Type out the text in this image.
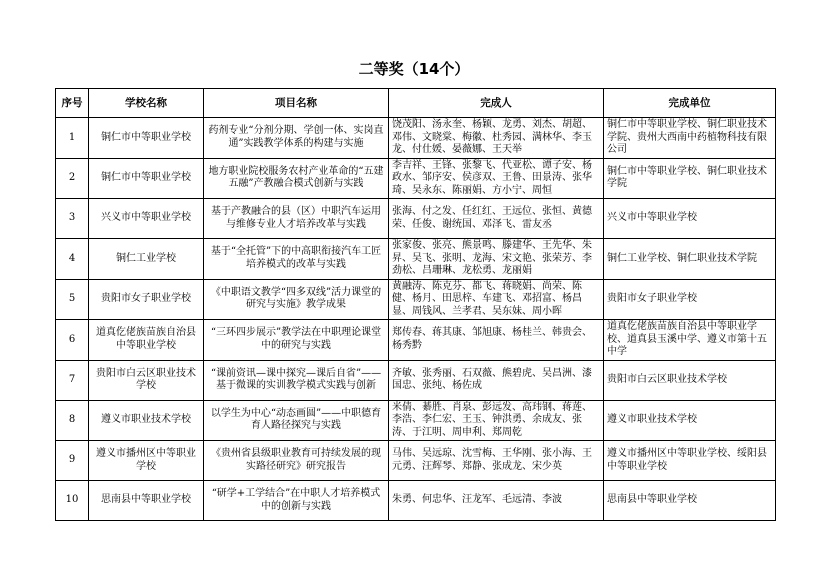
二等奖（14个）
序号	学校名称	项目名称	完成人	完成单位
1	铜仁市中等职业学校	药剂专业“分剂分期、学创一体、实岗直通”实践教学体系的构建与实施	饶茂阳、汤永奎、杨颖、龙勇、刘杰、胡超、邓伟、文晓棠、梅徽、杜秀园、满林华、李玉龙、付仕媛、晏薇娜、王天举	铜仁市中等职业学校、铜仁职业技术学院、贵州大西南中药植物科技有限公司
2	铜仁市中等职业学校	地方职业院校服务农村产业革命的“五建五融”产教融合模式创新与实践	李吉祥、王锋、张黎飞、代亚松、谭子安、杨政水、邹序安、侯彦双、王鲁、田景涛、张华琦、吴永东、陈丽娟、方小宁、周恒	铜仁市中等职业学校、铜仁职业技术学院
3	兴义市中等职业学校	基于产教融合的县（区）中职汽车运用与维修专业人才培养改革与实践	张海、付之发、任红红、王远位、张恒、黄德荣、任俊、谢统国、邓泽飞、雷友丞	兴义市中等职业学校
4	铜仁工业学校	基于“全托管”下的中高职衔接汽车工匠培养模式的改革与实践	张家俊、张亮、熊景鸣、滕建华、王先华、朱昇、吴飞、张明、龙海、宋文艳、张荣芳、李劲松、吕珊琳、龙松勇、龙丽娟	铜仁工业学校、铜仁职业技术学院
5	贵阳市女子职业学校	《中职语文教学“四多双线”活力课堂的研究与实施》教学成果	黄融涛、陈克芬、都飞、蒋晓娟、尚荣、陈健、杨月、田思梓、车建飞、邓招富、杨昌显、周钱风、兰孝君、吴东妹、周小晖	贵阳市女子职业学校
6	道真仡佬族苗族自治县中等职业学校	“三环四步展示”教学法在中职理论课堂中的研究与实践	郑传春、蒋其康、邹旭康、杨桂兰、韩贵会、杨秀黔	道真仡佬族苗族自治县中等职业学校、道真县玉溪中学、遵义市第十五中学
7	贵阳市白云区职业技术学校	“课前资讯—课中探究—课后自省”——基于微课的实训教学模式实践与创新	齐敏、张秀丽、石双薇、熊碧虎、吴昌洲、漆国忠、张纯、杨佐成	贵阳市白云区职业技术学校
8	遵义市职业技术学校	以学生为中心“动态画圆”——中职德育育人路径探究与实践	米倩、綦胜、肖泉、彭远发、高玮钢、蒋莲、李浩、李仁宏、王玉、钟洪勇、余成友、张涛、于江明、周申利、郑周乾	遵义市职业技术学校
9	遵义市播州区中等职业学校	《贵州省县级职业教育可持续发展的现实路径研究》研究报告	马伟、吴远琼、沈雪梅、王华刚、张小海、王元勇、汪辉琴、郑静、张成龙、宋少英	遵义市播州区中等职业学校、绥阳县中等职业学校
10	思南县中等职业学校	“研学+工学结合”在中职人才培养模式中的创新与实践	朱勇、何忠华、汪龙军、毛远清、李波	思南县中等职业学校
